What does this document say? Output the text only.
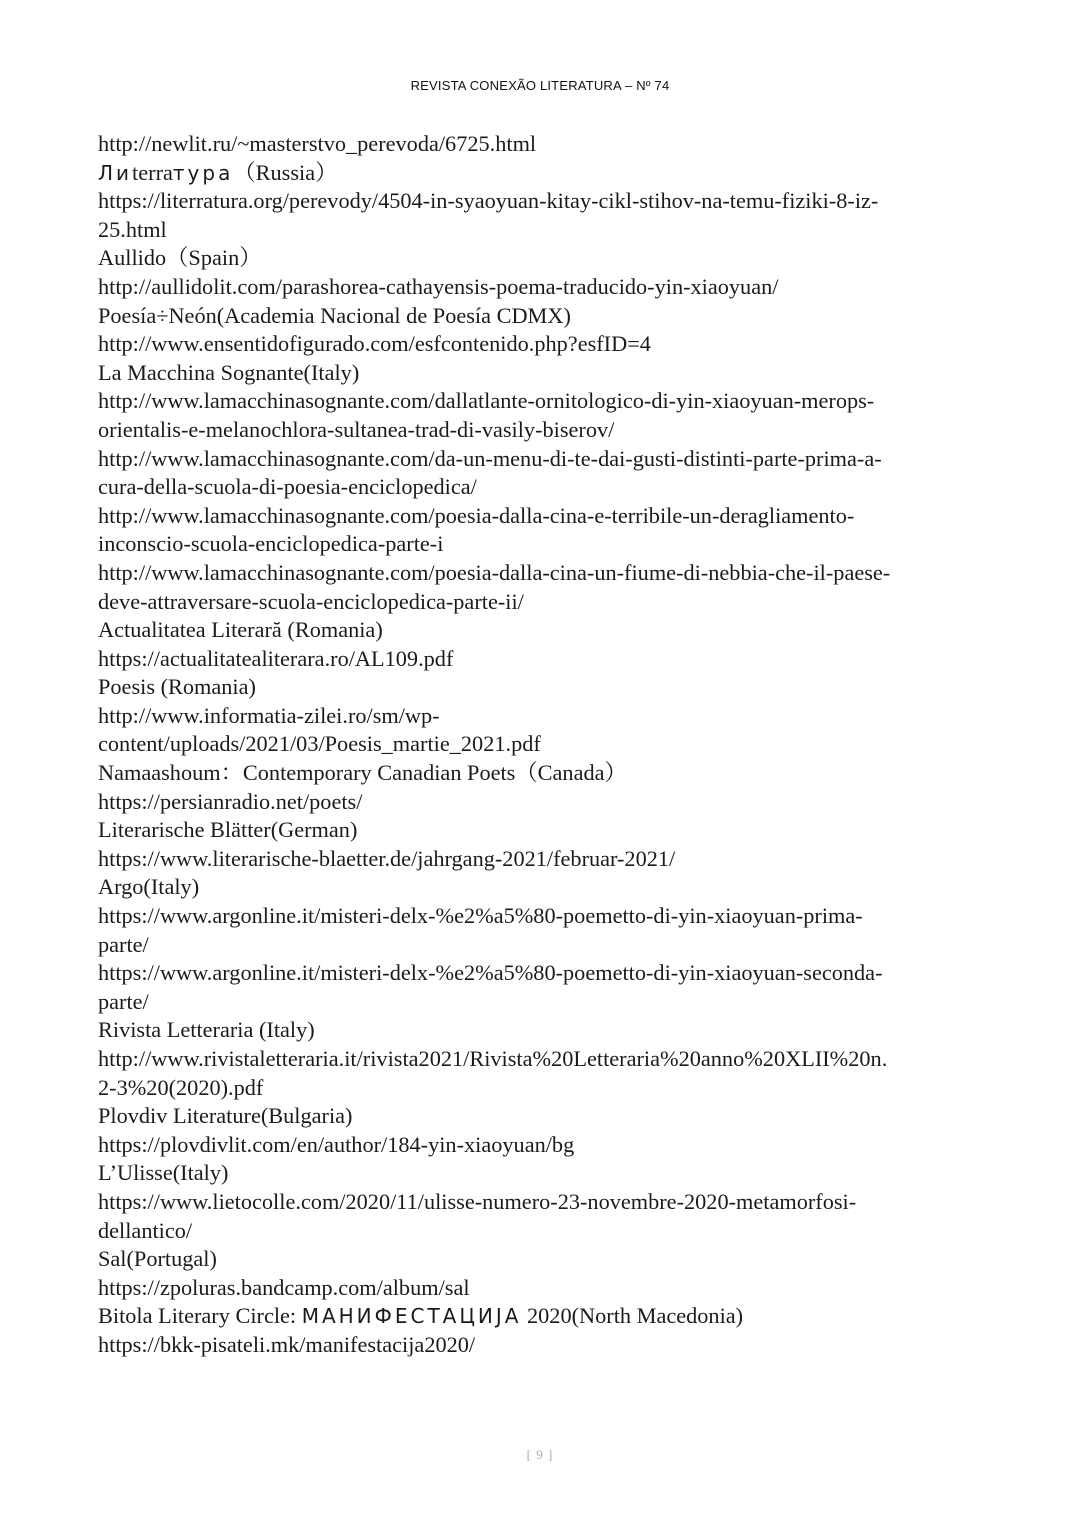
REVISTA CONEXÃO LITERATURA – Nº 74
http://newlit.ru/~masterstvo_perevoda/6725.html
Лиterraтура（Russia）
https://literratura.org/perevody/4504-in-syaoyuan-kitay-cikl-stihov-na-temu-fiziki-8-iz-
25.html
Aullido（Spain）
http://aullidolit.com/parashorea-cathayensis-poema-traducido-yin-xiaoyuan/
Poesía÷Neón(Academia Nacional de Poesía CDMX)
http://www.ensentidofigurado.com/esfcontenido.php?esfID=4
La Macchina Sognante(Italy)
http://www.lamacchinasognante.com/dallatlante-ornitologico-di-yin-xiaoyuan-merops-
orientalis-e-melanochlora-sultanea-trad-di-vasily-biserov/
http://www.lamacchinasognante.com/da-un-menu-di-te-dai-gusti-distinti-parte-prima-a-
cura-della-scuola-di-poesia-enciclopedica/
http://www.lamacchinasognante.com/poesia-dalla-cina-e-terribile-un-deragliamento-
inconscio-scuola-enciclopedica-parte-i
http://www.lamacchinasognante.com/poesia-dalla-cina-un-fiume-di-nebbia-che-il-paese-
deve-attraversare-scuola-enciclopedica-parte-ii/
Actualitatea Literară (Romania)
https://actualitatealiterara.ro/AL109.pdf
Poesis (Romania)
http://www.informatia-zilei.ro/sm/wp-
content/uploads/2021/03/Poesis_martie_2021.pdf
Namaashoum：Contemporary Canadian Poets（Canada）
https://persianradio.net/poets/
Literarische Blätter(German)
https://www.literarische-blaetter.de/jahrgang-2021/februar-2021/
Argo(Italy)
https://www.argonline.it/misteri-delx-%e2%a5%80-poemetto-di-yin-xiaoyuan-prima-
parte/
https://www.argonline.it/misteri-delx-%e2%a5%80-poemetto-di-yin-xiaoyuan-seconda-
parte/
Rivista Letteraria (Italy)
http://www.rivistaletteraria.it/rivista2021/Rivista%20Letteraria%20anno%20XLII%20n.
2-3%20(2020).pdf
Plovdiv Literature(Bulgaria)
https://plovdivlit.com/en/author/184-yin-xiaoyuan/bg
L’Ulisse(Italy)
https://www.lietocolle.com/2020/11/ulisse-numero-23-novembre-2020-metamorfosi-
dellantico/
Sal(Portugal)
https://zpoluras.bandcamp.com/album/sal
Bitola Literary Circle: МАНИФЕСТАЦИЈА 2020(North Macedonia)
https://bkk-pisateli.mk/manifestacija2020/
[ 9 ]
